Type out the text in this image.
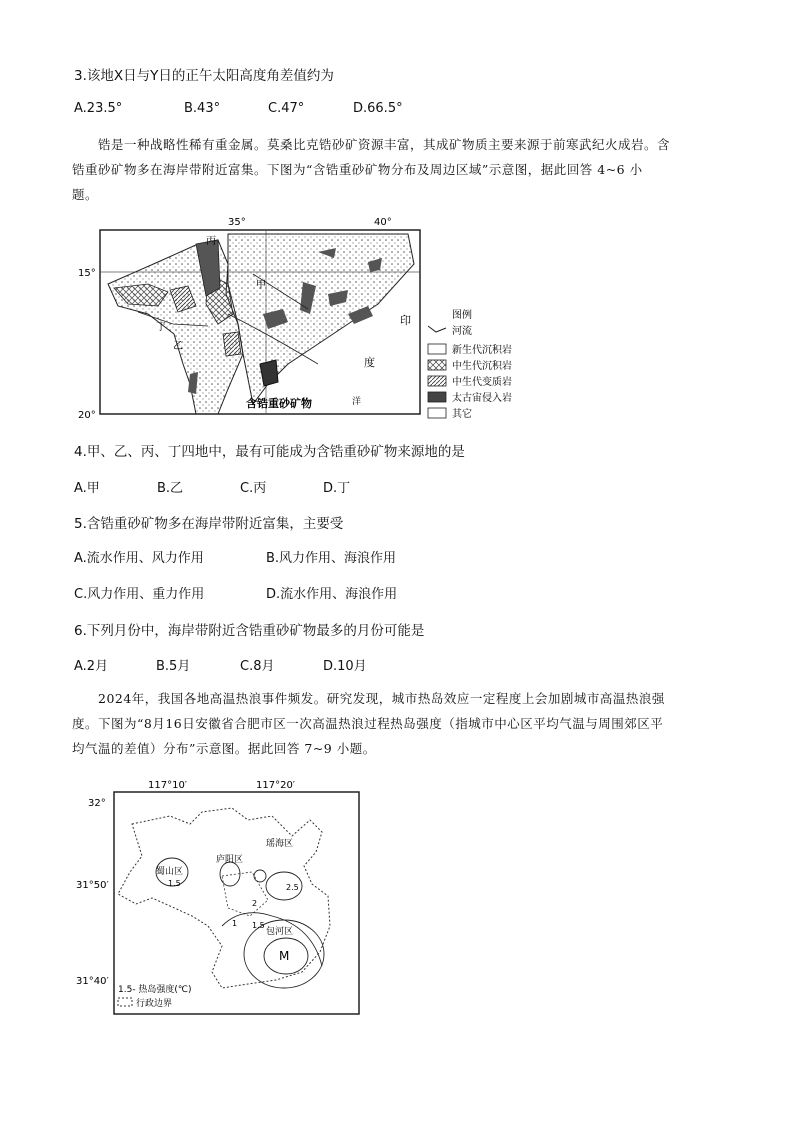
3.该地X日与Y日的正午太阳高度角差值约为
A.23.5°	B.43°	C.47°	D.66.5°
锆是一种战略性稀有重金属。莫桑比克锆砂矿资源丰富，其成矿物质主要来源于前寒武纪火成岩。含
锆重砂矿物多在海岸带附近富集。下图为“含锆重砂矿物分布及周边区域”示意图，据此回答 4~6 小
题。
35°	40°
15°
20°
丙
甲
丁
乙
印
度
洋
含锆重砂矿物
图例
河流
新生代沉积岩
中生代沉积岩
中生代变质岩
太古宙侵入岩
其它
4.甲、乙、丙、丁四地中，最有可能成为含锆重砂矿物来源地的是
A.甲	B.乙	C.丙	D.丁
5.含锆重砂矿物多在海岸带附近富集，主要受
A.流水作用、风力作用	B.风力作用、海浪作用
C.风力作用、重力作用	D.流水作用、海浪作用
6.下列月份中，海岸带附近含锆重砂矿物最多的月份可能是
A.2月	B.5月	C.8月	D.10月
2024年，我国各地高温热浪事件频发。研究发现，城市热岛效应一定程度上会加剧城市高温热浪强
度。下图为“8月16日安徽省合肥市区一次高温热浪过程热岛强度（指城市中心区平均气温与周围郊区平
均气温的差值）分布”示意图。据此回答 7~9 小题。
117°10′	117°20′
32°
31°50′
31°40′
蜀山区
庐阳区
瑶海区
包河区
M
1.5	2.5
2
1 1.5
1.5- 热岛强度(℃)
行政边界
